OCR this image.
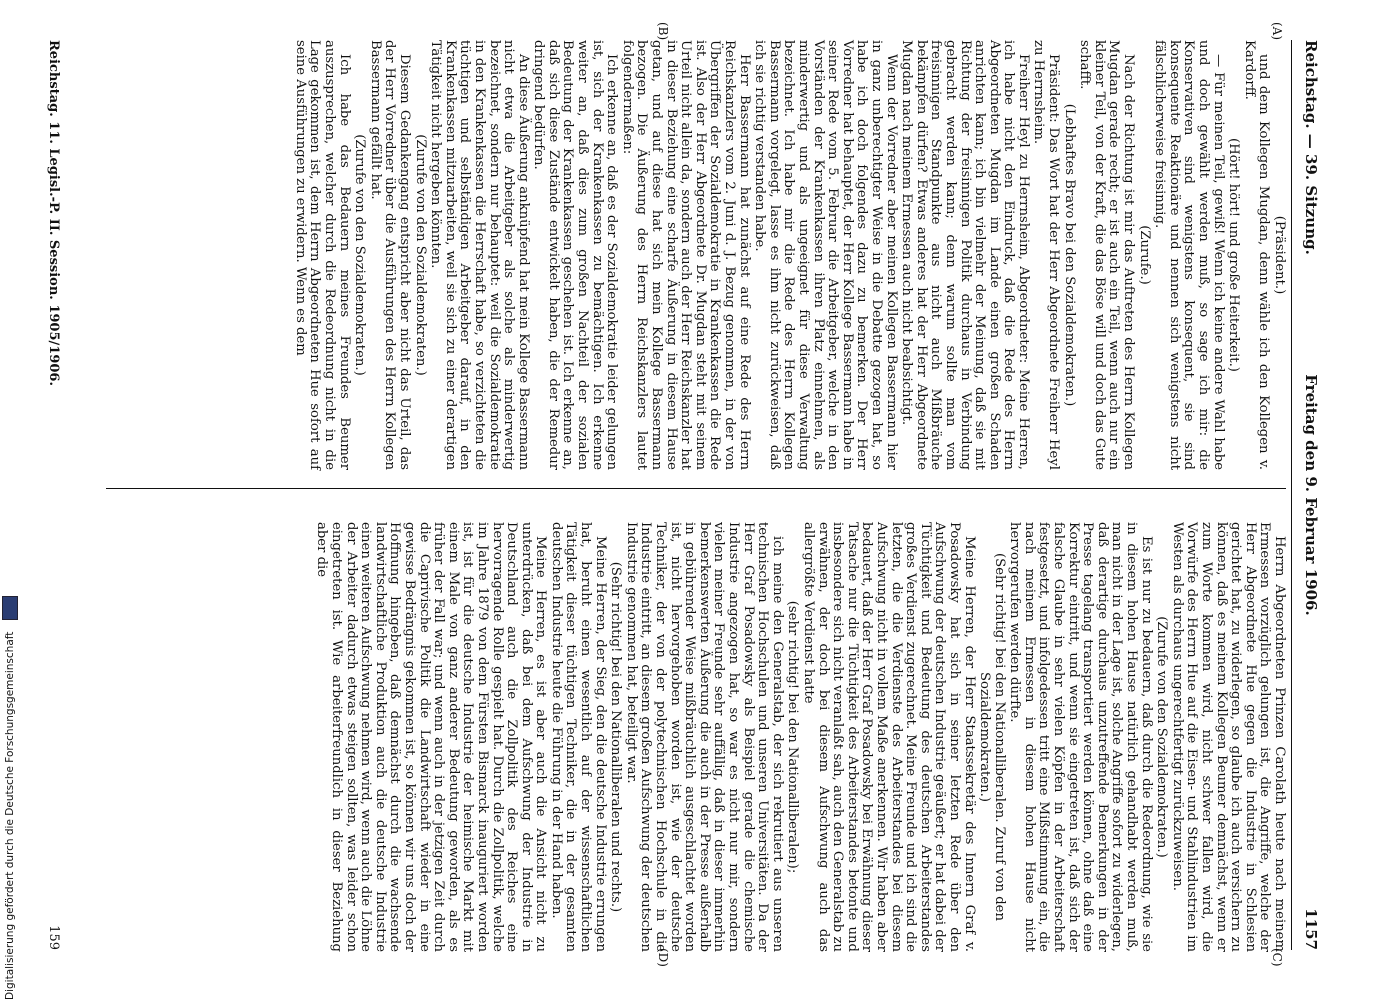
Reichstag. — 39. Sitzung.
Freitag den 9. Februar 1906.
1157
(A)
(B)
(C)
(D)

(Präsident.)

und dem Kollegen Mugdan, denn wähle ich den Kollegen v. Kardorff.

(Hört! hört! und große Heiterkeit.)

— Für meinen Teil, gewiß! Wenn ich keine andere Wahl habe und doch gewählt werden muß, so sage ich mir: die Konservativen sind wenigstens konsequent, sie sind konsequente Reaktionäre und nennen sich wenigstens nicht fälschlicherweise freisinnig.

(Zurufe.)

Nach der Richtung ist mir das Auftreten des Herrn Kollegen Mugdan gerade recht; er ist auch ein Teil, wenn auch nur ein kleiner Teil, von der Kraft, die das Böse will und doch das Gute schafft.

(Lebhaftes Bravo bei den Sozialdemokraten.)

Präsident: Das Wort hat der Herr Abgeordnete Freiherr Heyl zu Herrnsheim.

Freiherr Heyl zu Herrnsheim, Abgeordneter: Meine Herren, ich habe nicht den Eindruck, daß die Rede des Herrn Abgeordneten Mugdan im Lande einen großen Schaden anrichten kann; ich bin vielmehr der Meinung, daß sie mit Richtung der freisinnigen Politik durchaus in Verbindung gebracht werden kann; denn warum sollte man vom freisinnigen Standpunkte aus nicht auch Mißbräuche bekämpfen dürfen? Etwas anderes hat der Herr Abgeordnete Mugdan nach meinem Ermessen auch nicht beabsichtigt.

Wenn der Vorredner aber meinen Kollegen Bassermann hier in ganz unberechtigter Weise in die Debatte gezogen hat, so habe ich doch folgendes dazu zu bemerken. Der Herr Vorredner hat behauptet, der Herr Kollege Bassermann habe in seiner Rede vom 5. Februar die Arbeitgeber, welche in den Vorständen der Krankenkassen ihren Platz einnehmen, als minderwertig und als ungeeignet für diese Verwaltung bezeichnet. Ich habe mir die Rede des Herrn Kollegen Bassermann vorgelegt, lasse es ihm nicht zurückweisen, daß ich sie richtig verstanden habe.

Herr Bassermann hat zunächst auf eine Rede des Herrn Reichskanzlers vom 2. Juni d. J. Bezug genommen, in der von Übergriffen der Sozialdemokratie in Krankenkassen die Rede ist. Also der Herr Abgeordnete Dr. Mugdan steht mit seinem Urteil nicht allein da, sondern auch der Herr Reichskanzler hat in dieser Beziehung eine scharfe Äußerung in diesem Hause getan, und auf diese hat sich mein Kollege Bassermann bezogen. Die Äußerung des Herrn Reichskanzlers lautet folgendermaßen:

Ich erkenne an, daß es der Sozialdemokratie leider gelungen ist, sich der Krankenkassen zu bemächtigen. Ich erkenne weiter an, daß dies zum großen Nachteil der sozialen Bedeutung der Krankenkassen geschehen ist. Ich erkenne an, daß sich diese Zustände entwickelt haben, die der Remedur dringend bedürfen.

An diese Äußerung anknüpfend hat mein Kollege Bassermann nicht etwa die Arbeitgeber als solche als minderwertig bezeichnet, sondern nur behauptet: weil die Sozialdemokratie in den Krankenkassen die Herrschaft habe, so verzichteten die tüchtigen und selbständigen Arbeitgeber darauf, in den Krankenkassen mitzuarbeiten, weil sie sich zu einer derartigen Tätigkeit nicht hergeben könnten.

(Zurufe von den Sozialdemokraten.)

Diesem Gedankengang entspricht aber nicht das Urteil, das der Herr Vorredner über die Ausführungen des Herrn Kollegen Bassermann gefällt hat.

(Zurufe von den Sozialdemokraten.)

Ich habe das Bedauern meines Freundes Beumer auszusprechen, welcher durch die Redeordnung nicht in die Lage gekommen ist, dem Herrn Abgeordneten Hue sofort auf seine Ausführungen zu erwidern. Wenn es dem

Herrn Abgeordneten Prinzen Carolath heute nach meinem Ermessen vorzüglich gelungen ist, die Angriffe, welche der Herr Abgeordnete Hue gegen die Industrie in Schlesien gerichtet hat, zu widerlegen, so glaube ich auch versichern zu können, daß es meinem Kollegen Beumer demnächst, wenn er zum Worte kommen wird, nicht schwer fallen wird, die Vorwürfe des Herrn Hue auf die Eisen- und Stahlindustrien im Westen als durchaus ungerechtfertigt zurückzuweisen.

(Zurufe von den Sozialdemokraten.)

Es ist nur zu bedauern, daß durch die Redeordnung, wie sie in diesem hohen Hause natürlich gehandhabt werden muß, man nicht in der Lage ist, solche Angriffe sofort zu widerlegen, daß derartige durchaus unzutreffende Bemerkungen in der Presse tagelang transportiert werden können, ohne daß eine Korrektur eintritt, und wenn sie eingetreten ist, daß sich der falsche Glaube in sehr vielen Köpfen in der Arbeiterschaft festgesetzt, und infolgedessen tritt eine Mißstimmung ein, die nach meinem Ermessen in diesem hohen Hause nicht hervorgerufen werden dürfte.

(Sehr richtig! bei den Nationalliberalen. Zuruf von den Sozialdemokraten.)

Meine Herren, der Herr Staatssekretär des Innern Graf v. Posadowsky hat sich in seiner letzten Rede über den Aufschwung der deutschen Industrie geäußert; er hat dabei der Tüchtigkeit und Bedeutung des deutschen Arbeiterstandes großes Verdienst zugerechnet. Meine Freunde und ich sind die letzten, die die Verdienste des Arbeiterstandes bei diesem Aufschwung nicht in vollem Maße anerkennen. Wir haben aber bedauert, daß der Herr Graf Posadowsky bei Erwähnung dieser Tatsache nur die Tüchtigkeit des Arbeiterstandes betonte und insbesondere sich nicht veranlaßt sah, auch den Generalstab zu erwähnen, der doch bei diesem Aufschwung auch das allergrößte Verdienst hatte

(sehr richtig! bei den Nationalliberalen);

ich meine den Generalstab, der sich rekrutiert aus unseren technischen Hochschulen und unseren Universitäten. Da der Herr Graf Posadowsky als Beispiel gerade die chemische Industrie angezogen hat, so war es nicht nur mir, sondern vielen meiner Freunde sehr auffällig, daß in dieser immerhin bemerkenswerten Äußerung die auch in der Presse außerhalb in gebührender Weise mißbräuchlich ausgeschlachtet worden ist, nicht hervorgehoben worden ist, wie der deutsche Techniker, der von der polytechnischen Hochschule in die Industrie eintritt, an diesem großen Aufschwung der deutschen Industrie genommen hat, beteiligt war.

(Sehr richtig! bei den Nationalliberalen und rechts.)

Meine Herren, der Sieg, den die deutsche Industrie errungen hat, beruht einen wesentlich auf der wissenschaftlichen Tätigkeit dieser tüchtigen Techniker, die in der gesamten deutschen Industrie heute die Führung in der Hand haben.

Meine Herren, es ist aber auch die Ansicht nicht zu unterdrücken, daß bei dem Aufschwung der Industrie in Deutschland auch die Zollpolitik des Reiches eine hervorragende Rolle gespielt hat. Durch die Zollpolitik, welche im Jahre 1879 von dem Fürsten Bismarck inauguriert worden ist, ist für die deutsche Industrie der heimische Markt mit einem Male von ganz anderer Bedeutung geworden, als es früher der Fall war; und wenn auch in der jetzigen Zeit durch die Caprivische Politik die Landwirtschaft wieder in eine gewisse Bedrängnis gekommen ist, so können wir uns doch der Hoffnung hingeben, daß demnächst durch die wachsende landwirtschaftliche Produktion auch die deutsche Industrie einen weiteren Aufschwung nehmen wird, wenn auch die Löhne der Arbeiter dadurch etwas steigen sollten, was leider schon eingetreten ist. Wie arbeiterfreundlich in dieser Beziehung aber die

Reichstag. 11. Legisl.-P. II. Session. 1905/1906.
159
Digitalisierung gefördert durch die Deutsche Forschungsgemeinschaft
